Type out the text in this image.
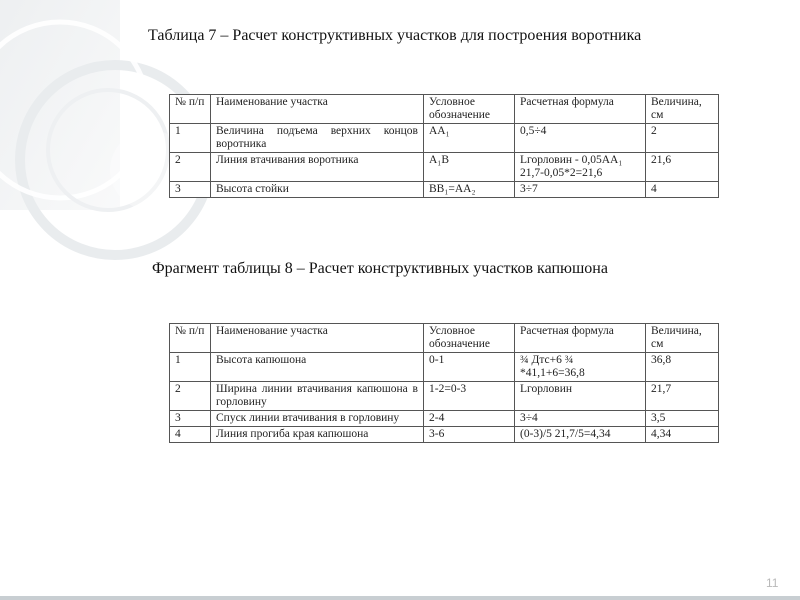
Таблица 7 – Расчет конструктивных участков для построения воротника
№ п/п	Наименование участка	Условное обозначение	Расчетная формула	Величина, см
1	Величина подъема верхних концов воротника	АА₁	0,5÷4	2
2	Линия втачивания воротника	А₁В	Lгорловин - 0,05АА₁ 21,7-0,05*2=21,6	21,6
3	Высота стойки	ВВ₁=АА₂	3÷7	4
Фрагмент таблицы 8 – Расчет конструктивных участков капюшона
№ п/п	Наименование участка	Условное обозначение	Расчетная формула	Величина, см
1	Высота капюшона	0-1	¾ Дтс+6 ¾ *41,1+6=36,8	36,8
2	Ширина линии втачивания капюшона в горловину	1-2=0-3	Lгорловин	21,7
3	Спуск линии втачивания в горловину	2-4	3÷4	3,5
4	Линия прогиба края капюшона	3-6	(0-3)/5 21,7/5=4,34	4,34
11
